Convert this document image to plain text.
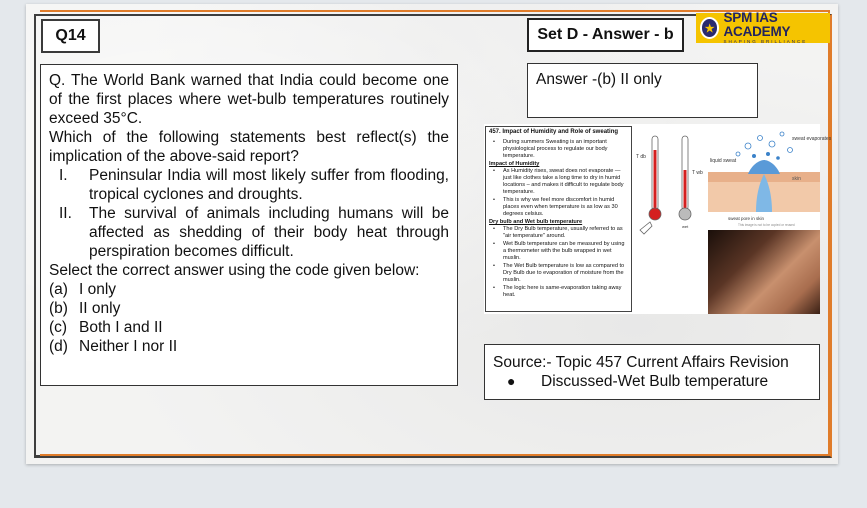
Q14

Q. The World Bank warned that India could become one of the first places where wet-bulb temperatures routinely exceed 35°C.

Which of the following statements best reflect(s) the implication of the above-said report?

I.	Peninsular India will most likely suffer from flooding, tropical cyclones and droughts.
II.	The survival of animals including humans will be affected as shedding of their body heat through perspiration becomes difficult.

Select the correct answer using the code given below:

(a) I only
(b) II only
(c) Both I and II
(d) Neither I nor II
Set D - Answer - b	★
SPM IAS ACADEMY
SHAPING BRILLIANCE
Answer -(b) II only
457. Impact of Humidity and Role of sweating
• During summers Sweating is an important physiological process to regulate our body temperature.
Impact of Humidity
• As Humidity rises, sweat does not evaporate — just like clothes take a long time to dry in humid locations – and makes it difficult to regulate body temperature.
• This is why we feel more discomfort in humid places even when temperature is as low as 30 degrees celsius.
Dry bulb and Wet bulb temperature
• The Dry Bulb temperature, usually referred to as "air temperature" around.
• Wet Bulb temperature can be measured by using a thermometer with the bulb wrapped in wet muslin.
• The Wet Bulb temperature is low as compared to Dry Bulb due to evaporation of moisture from the muslin.
• The logic here is same-evaporation taking away heat.
T db
T wb
wet
sweat evaporates
liquid sweat
skin
sweat pore in skin
This image is not to be copied or reused
Source:- Topic 457 Current Affairs Revision
●	Discussed-Wet Bulb temperature
